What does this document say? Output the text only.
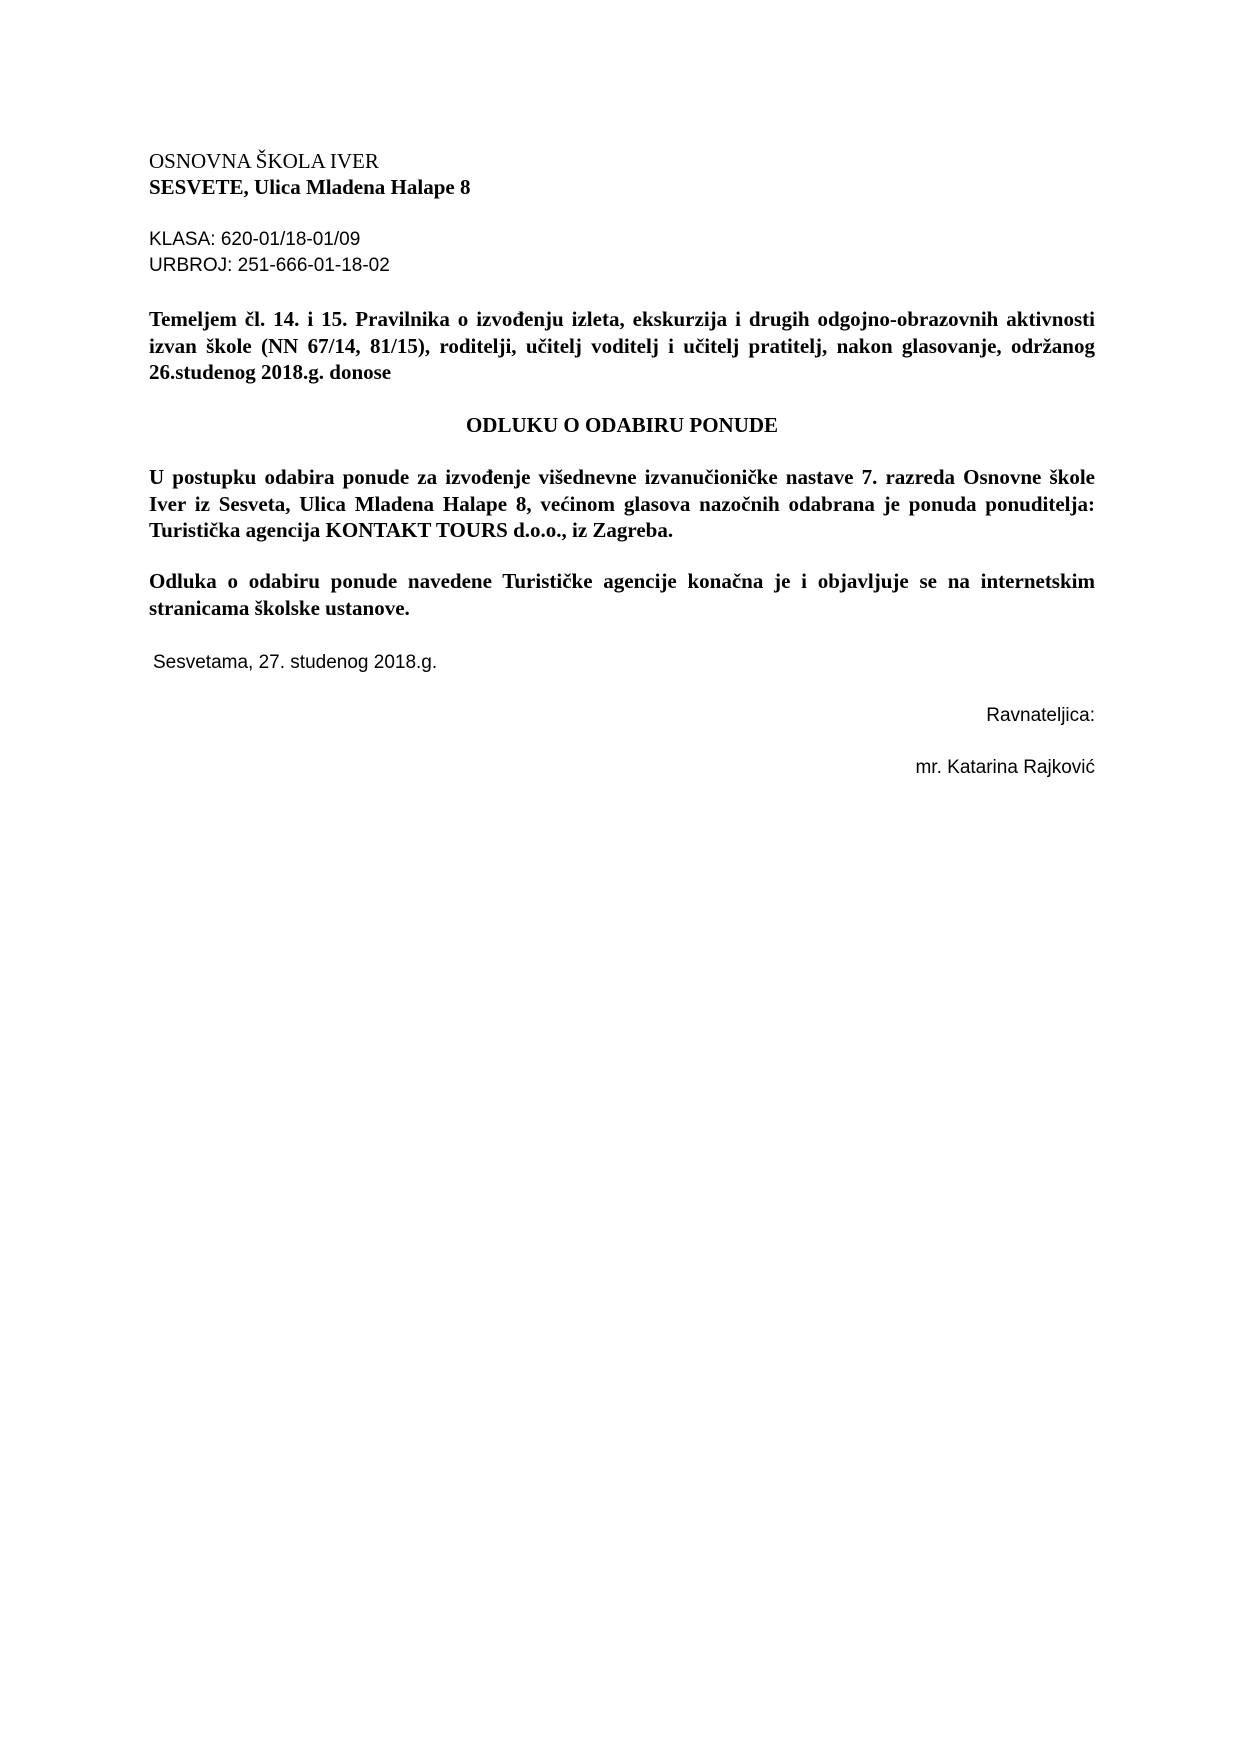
OSNOVNA ŠKOLA IVER

SESVETE, Ulica Mladena Halape 8

KLASA: 620-01/18-01/09

URBROJ: 251-666-01-18-02

Temeljem čl. 14. i 15. Pravilnika o izvođenju izleta, ekskurzija i drugih odgojno-obrazovnih aktivnosti izvan škole (NN 67/14, 81/15), roditelji, učitelj voditelj i učitelj pratitelj, nakon glasovanje, održanog 26.studenog 2018.g. donose

ODLUKU O ODABIRU PONUDE

U postupku odabira ponude za izvođenje višednevne izvanučioničke nastave 7. razreda Osnovne škole Iver iz Sesveta, Ulica Mladena Halape 8, većinom glasova nazočnih odabrana je ponuda ponuditelja: Turistička agencija KONTAKT TOURS d.o.o., iz Zagreba.

Odluka o odabiru ponude navedene Turističke agencije konačna je i objavljuje se na internetskim stranicama školske ustanove.

Sesvetama, 27. studenog 2018.g.

Ravnateljica:

mr. Katarina Rajković
